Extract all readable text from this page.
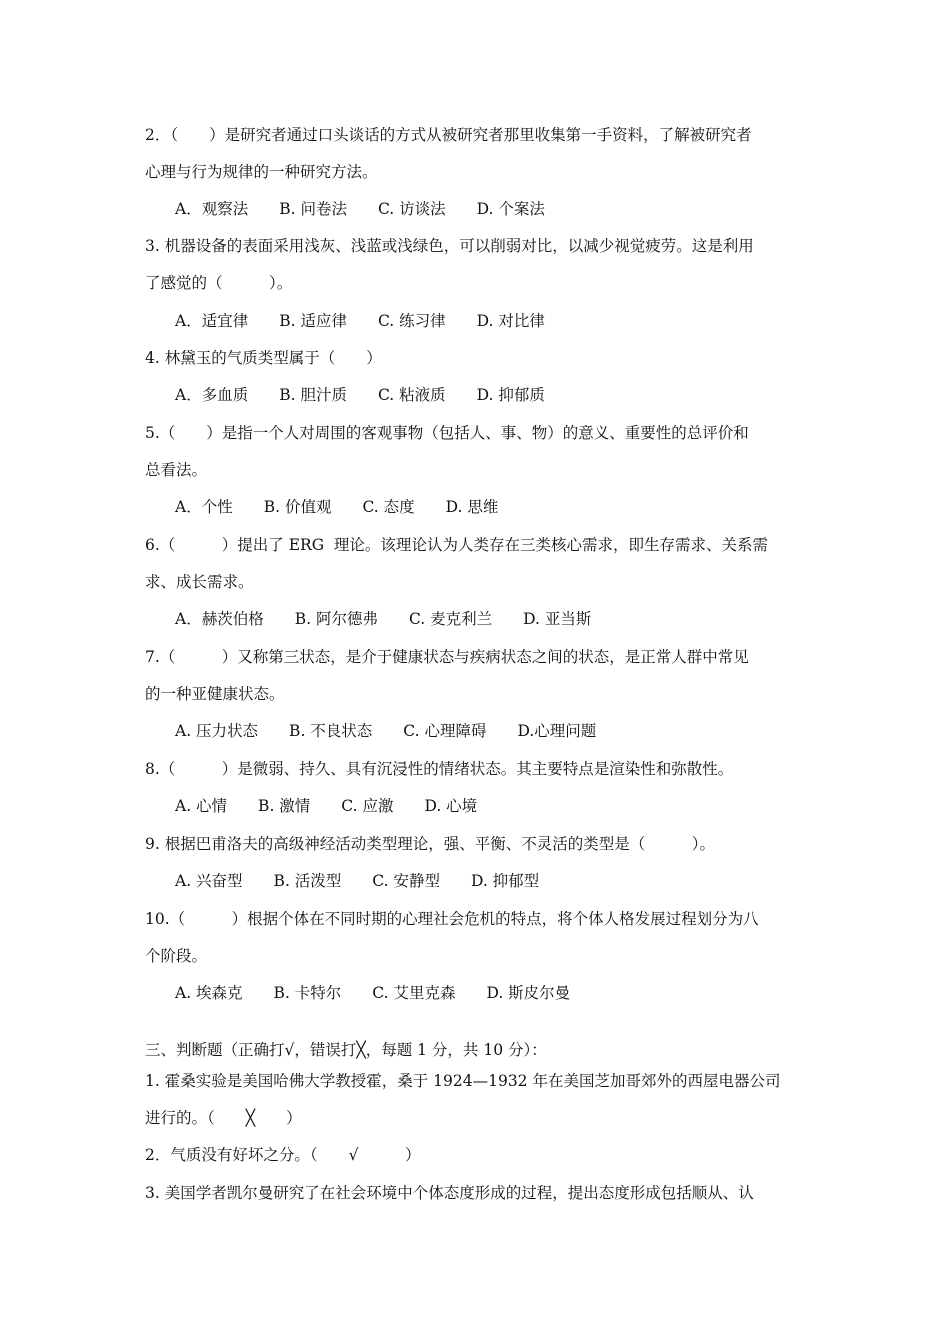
2．（　　）是研究者通过口头谈话的方式从被研究者那里收集第一手资料，了解被研究者
心理与行为规律的一种研究方法。
A．观察法　　B. 问卷法　　C. 访谈法　　D. 个案法
3. 机器设备的表面采用浅灰、浅蓝或浅绿色，可以削弱对比，以减少视觉疲劳。这是利用
了感觉的（　　　）。
A．适宜律　　B. 适应律　　C. 练习律　　D. 对比律
4. 林黛玉的气质类型属于（　　）
A．多血质　　B. 胆汁质　　C. 粘液质　　D. 抑郁质
5.（　　）是指一个人对周围的客观事物（包括人、事、物）的意义、重要性的总评价和
总看法。
A．个性　　B. 价值观　　C. 态度　　D. 思维
6.（　　　）提出了 ERG  理论。该理论认为人类存在三类核心需求，即生存需求、关系需
求、成长需求。
A．赫茨伯格　　B. 阿尔德弗　　C. 麦克利兰　　D. 亚当斯
7.（　　　）又称第三状态，是介于健康状态与疾病状态之间的状态，是正常人群中常见
的一种亚健康状态。
A. 压力状态　　B. 不良状态　　C. 心理障碍　　D.心理问题
8.（　　　）是微弱、持久、具有沉浸性的情绪状态。其主要特点是渲染性和弥散性。
A. 心情　　B. 激情　　C. 应激　　D. 心境
9. 根据巴甫洛夫的高级神经活动类型理论，强、平衡、不灵活的类型是（　　　）。
A. 兴奋型　　B. 活泼型　　C. 安静型　　D. 抑郁型
10.（　　　）根据个体在不同时期的心理社会危机的特点，将个体人格发展过程划分为八
个阶段。
A. 埃森克　　B. 卡特尔　　C. 艾里克森　　D. 斯皮尔曼
三、判断题（正确打√，错误打╳，每题 1 分，共 10 分）：
1. 霍桑实验是美国哈佛大学教授霍，桑于 1924—1932 年在美国芝加哥郊外的西屋电器公司
进行的。（　　╳　　）
2．气质没有好坏之分。（　　√　　　）
3. 美国学者凯尔曼研究了在社会环境中个体态度形成的过程，提出态度形成包括顺从、认
